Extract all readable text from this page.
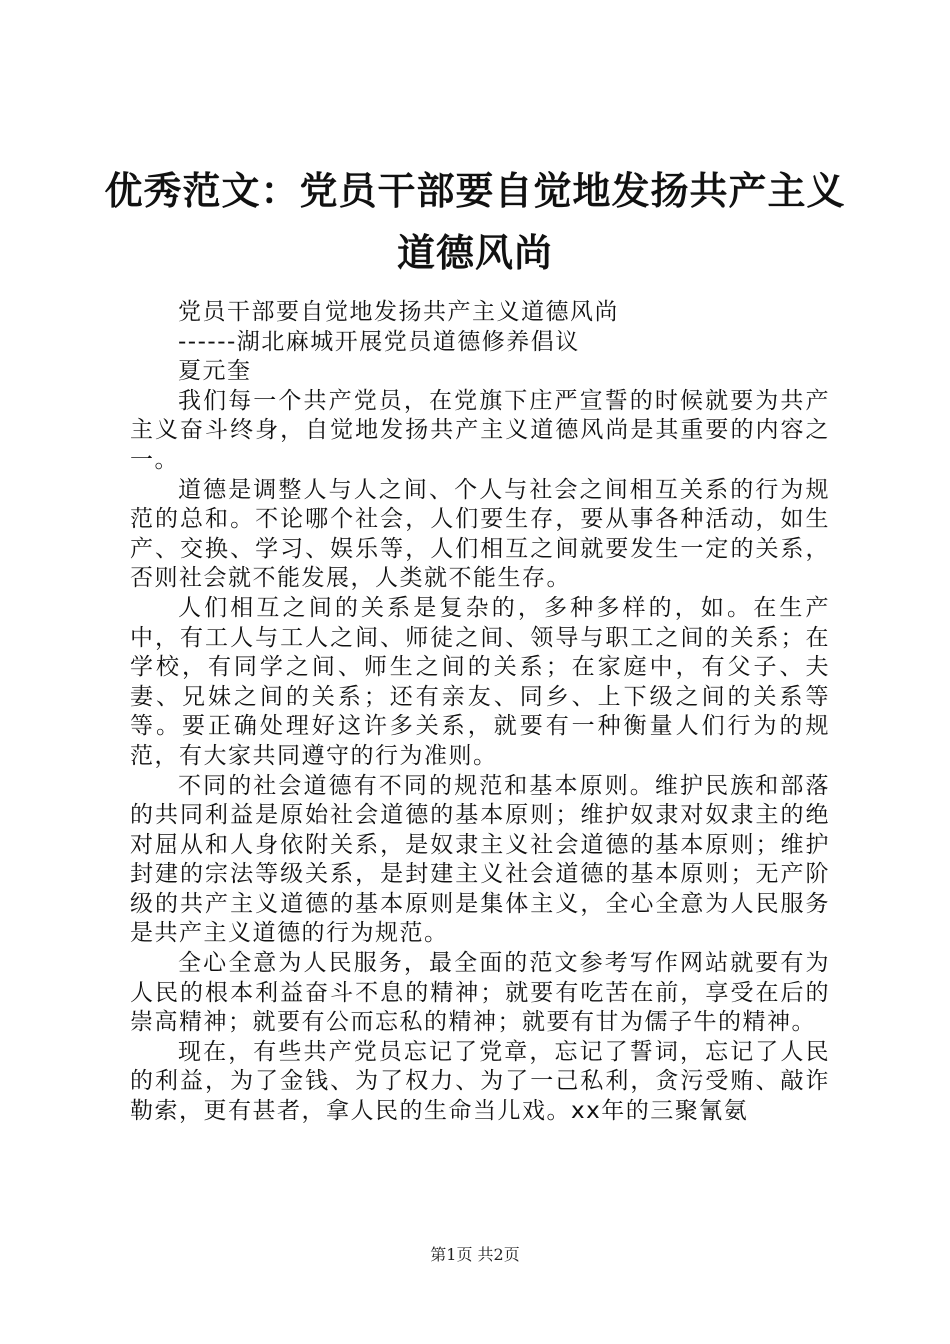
优秀范文：党员干部要自觉地发扬共产主义道德风尚

党员干部要自觉地发扬共产主义道德风尚

------湖北麻城开展党员道德修养倡议

夏元奎

我们每一个共产党员，在党旗下庄严宣誓的时候就要为共产主义奋斗终身，自觉地发扬共产主义道德风尚是其重要的内容之一。

道德是调整人与人之间、个人与社会之间相互关系的行为规范的总和。不论哪个社会，人们要生存，要从事各种活动，如生产、交换、学习、娱乐等，人们相互之间就要发生一定的关系，否则社会就不能发展，人类就不能生存。

人们相互之间的关系是复杂的，多种多样的，如。在生产中，有工人与工人之间、师徒之间、领导与职工之间的关系；在学校，有同学之间、师生之间的关系；在家庭中，有父子、夫妻、兄妹之间的关系；还有亲友、同乡、上下级之间的关系等等。要正确处理好这许多关系，就要有一种衡量人们行为的规范，有大家共同遵守的行为准则。

不同的社会道德有不同的规范和基本原则。维护民族和部落的共同利益是原始社会道德的基本原则；维护奴隶对奴隶主的绝对屈从和人身依附关系，是奴隶主义社会道德的基本原则；维护封建的宗法等级关系，是封建主义社会道德的基本原则；无产阶级的共产主义道德的基本原则是集体主义，全心全意为人民服务是共产主义道德的行为规范。

全心全意为人民服务，最全面的范文参考写作网站就要有为人民的根本利益奋斗不息的精神；就要有吃苦在前，享受在后的崇高精神；就要有公而忘私的精神；就要有甘为儒子牛的精神。

现在，有些共产党员忘记了党章，忘记了誓词，忘记了人民的利益，为了金钱、为了权力、为了一己私利，贪污受贿、敲诈勒索，更有甚者，拿人民的生命当儿戏。xx年的三聚氰氨

第1页 共2页
